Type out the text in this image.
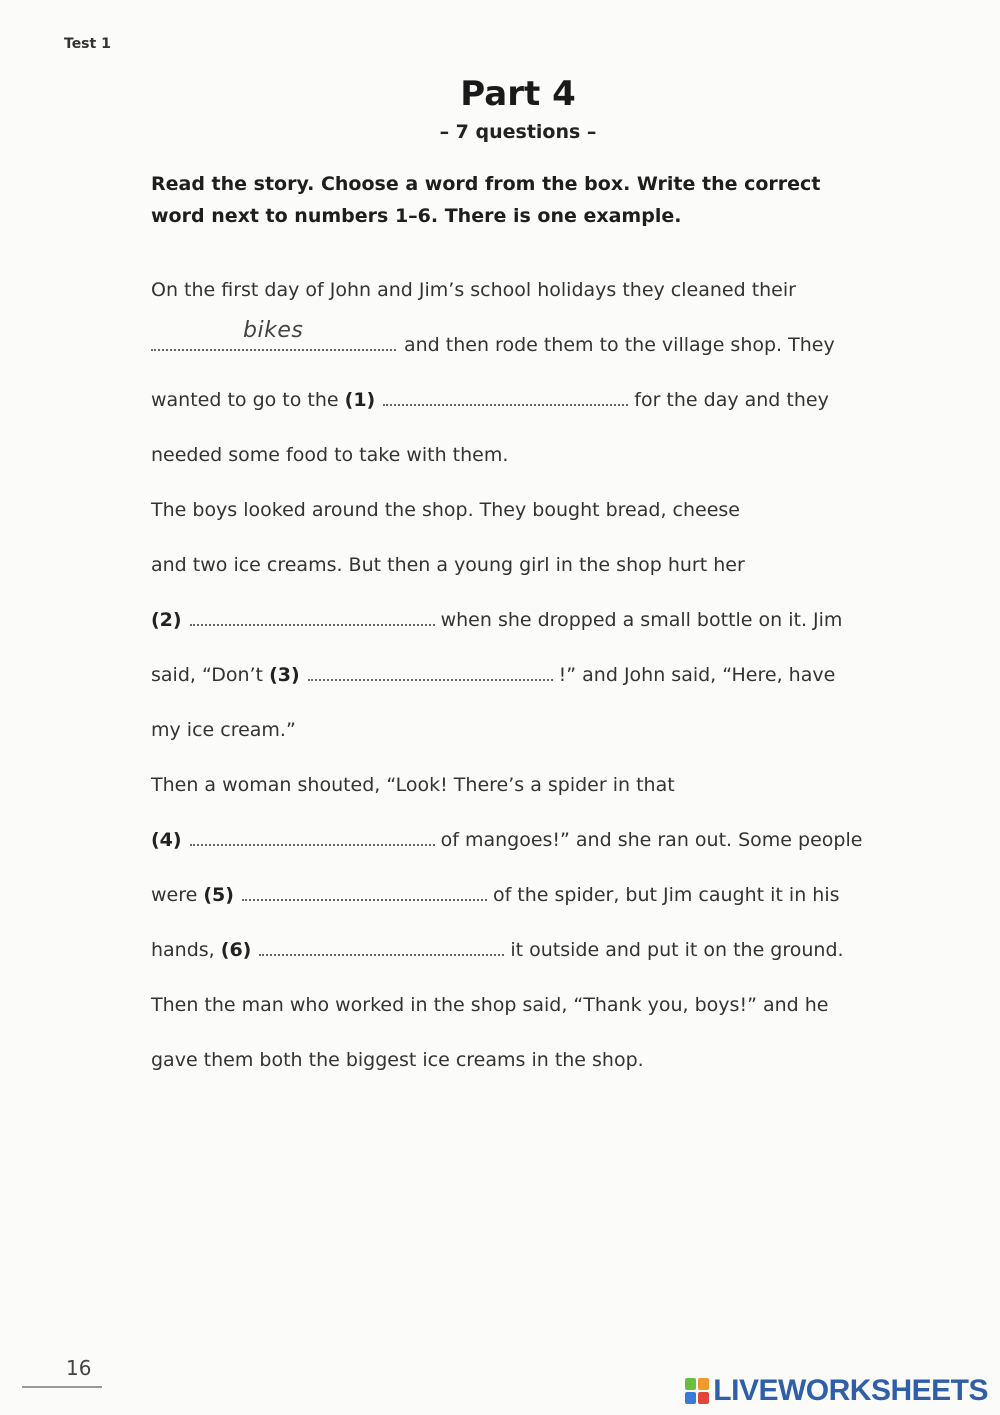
Test 1
Part 4
– 7 questions –
Read the story. Choose a word from the box. Write the correct
word next to numbers 1–6. There is one example.
On the first day of John and Jim’s school holidays they cleaned their
bikes
and then rode them to the village shop. They
wanted to go to the (1)	for the day and they
needed some food to take with them.
The boys looked around the shop. They bought bread, cheese
and two ice creams. But then a young girl in the shop hurt her
(2)	when she dropped a small bottle on it. Jim
said, “Don’t (3)	!” and John said, “Here, have
my ice cream.”
Then a woman shouted, “Look! There’s a spider in that
(4)	of mangoes!” and she ran out. Some people
were (5)	of the spider, but Jim caught it in his
hands, (6)	it outside and put it on the ground.
Then the man who worked in the shop said, “Thank you, boys!” and he
gave them both the biggest ice creams in the shop.
16
LIVEWORKSHEETS
